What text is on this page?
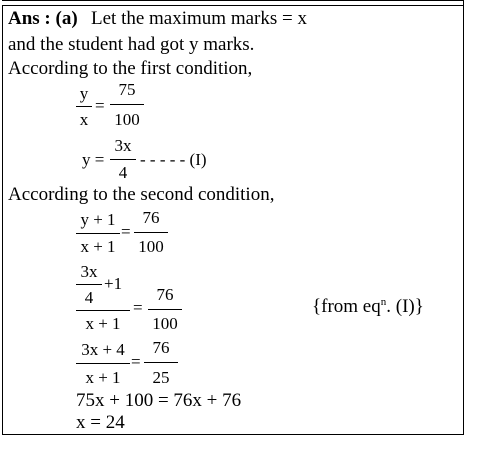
Ans : (a) Let the maximum marks = x
and the student had got y marks.
According to the first condition,
y
x
=
75
100
y =
3x
4
- - - - - (I)
According to the second condition,
y + 1
x + 1
=
76
100
3x
4
+1
x + 1
=
76
100
{from $eq^n$. (I)}
3x + 4
x + 1
=
76
25
75x + 100 = 76x + 76
x = 24
